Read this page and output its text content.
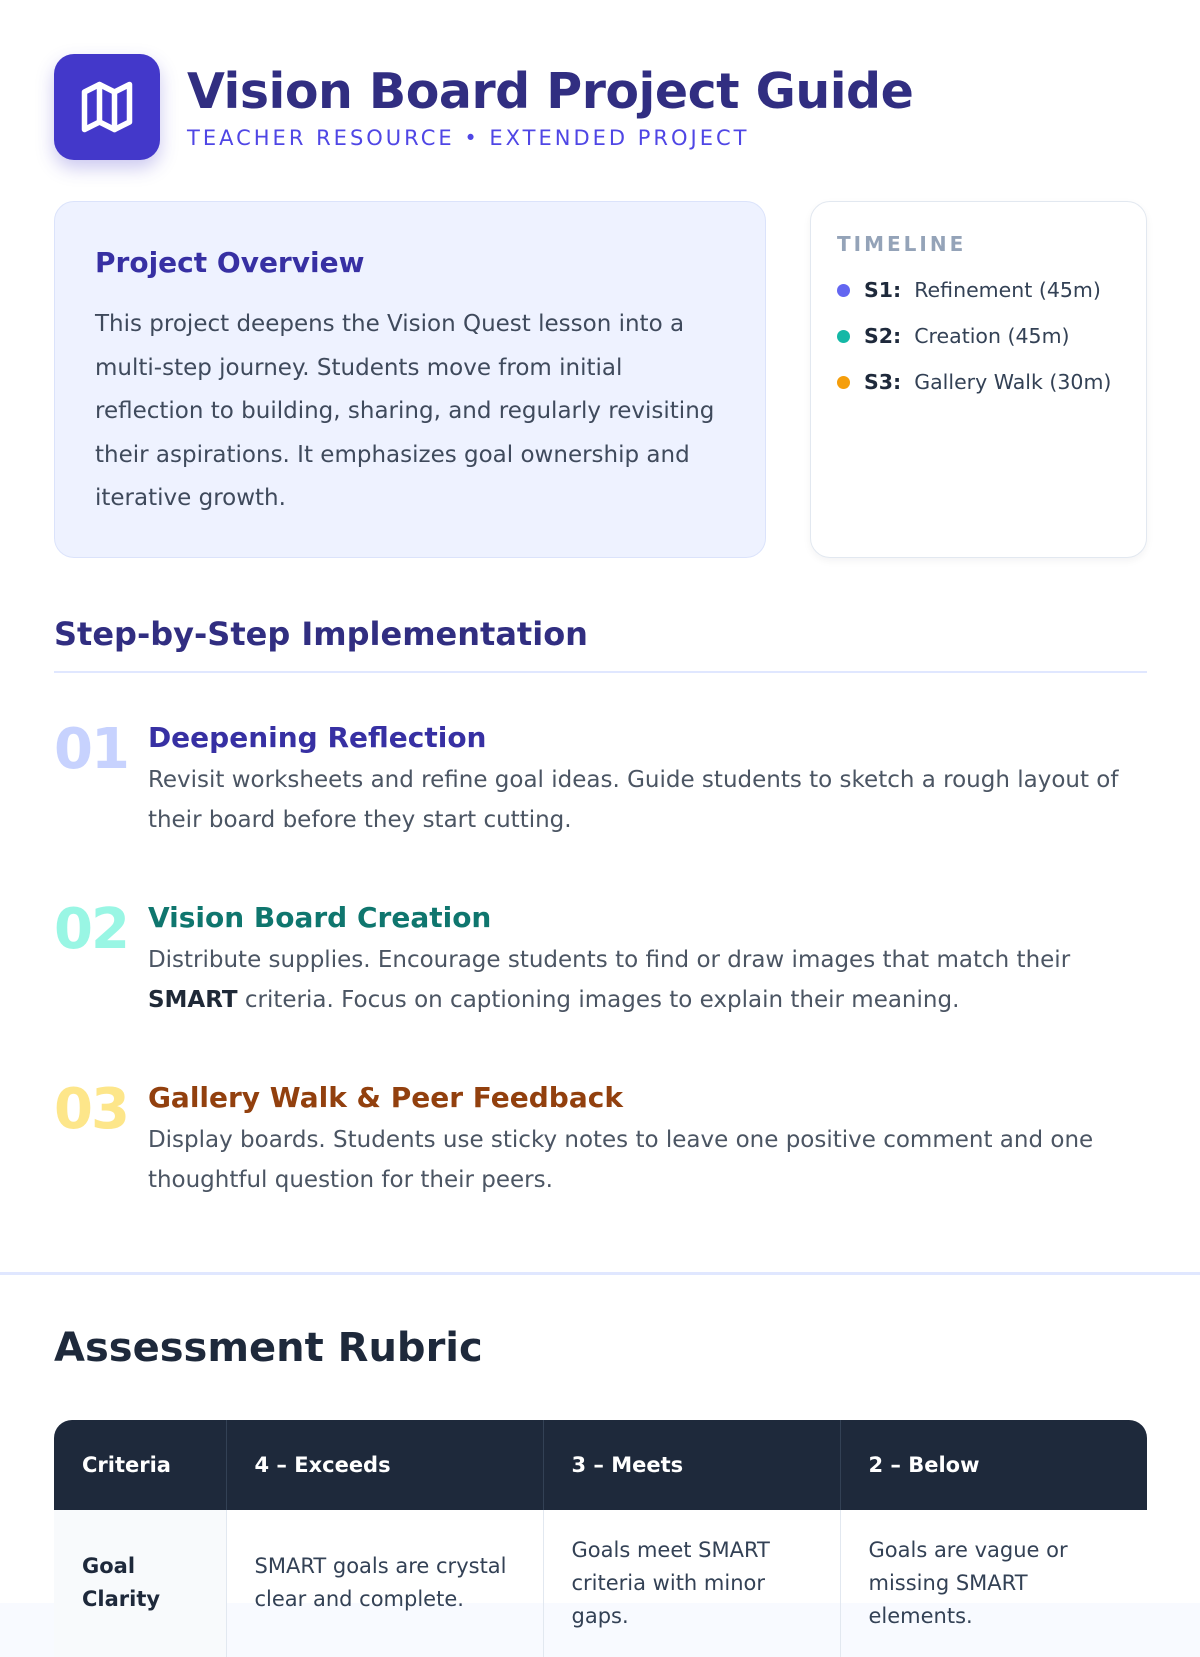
Vision Board Project Guide
TEACHER RESOURCE • EXTENDED PROJECT
Project Overview

This project deepens the Vision Quest lesson into a multi-step journey. Students move from initial reflection to building, sharing, and regularly revisiting their aspirations. It emphasizes goal ownership and iterative growth.

TIMELINE
S1: Refinement (45m)
S2: Creation (45m)
S3: Gallery Walk (30m)
Step-by-Step Implementation
01 Deepening Reflection
Revisit worksheets and refine goal ideas. Guide students to sketch a rough layout of their board before they start cutting.
02 Vision Board Creation
Distribute supplies. Encourage students to find or draw images that match their SMART criteria. Focus on captioning images to explain their meaning.
03 Gallery Walk & Peer Feedback
Display boards. Students use sticky notes to leave one positive comment and one thoughtful question for their peers.
Assessment Rubric
Criteria	4 – Exceeds	3 – Meets	2 – Below
Goal Clarity	SMART goals are crystal clear and complete.	Goals meet SMART criteria with minor gaps.	Goals are vague or missing SMART elements.
